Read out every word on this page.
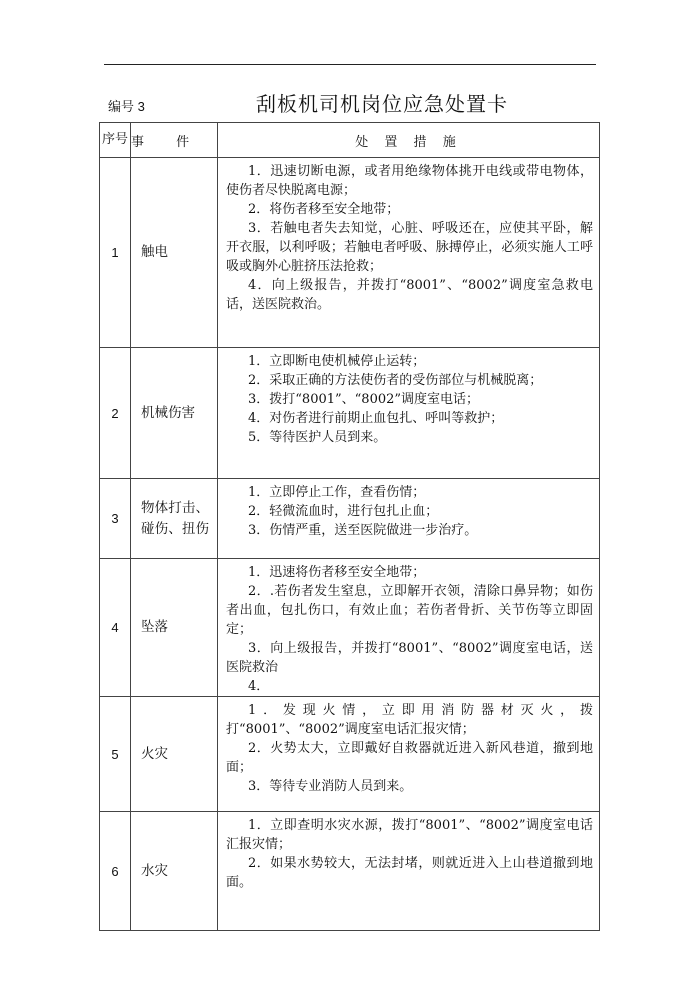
编号 3	刮板机司机岗位应急处置卡
序号	事 件	处 置 措 施
1	触电	1．迅速切断电源，或者用绝缘物体挑开电线或带电物体，使伤者尽快脱离电源；
2．将伤者移至安全地带；
3．若触电者失去知觉，心脏、呼吸还在，应使其平卧，解开衣服，以利呼吸；若触电者呼吸、脉搏停止，必须实施人工呼吸或胸外心脏挤压法抢救；
4．向上级报告，并拨打“8001”、“8002”调度室急救电话，送医院救治。

2	机械伤害	1．立即断电使机械停止运转；
2．采取正确的方法使伤者的受伤部位与机械脱离；
3．拨打“8001”、“8002”调度室电话；
4．对伤者进行前期止血包扎、呼叫等救护；
5．等待医护人员到来。

3	物体打击、碰伤、扭伤	1．立即停止工作，查看伤情；
2．轻微流血时，进行包扎止血；
3．伤情严重，送至医院做进一步治疗。

4	坠落	1．迅速将伤者移至安全地带；
2．.若伤者发生窒息，立即解开衣领，清除口鼻异物；如伤者出血，包扎伤口，有效止血；若伤者骨折、关节伤等立即固定；
3．向上级报告，并拨打“8001”、“8002”调度室电话，送医院救治
4．

5	火灾	1．发现火情，立即用消防器材灭火，拨打“8001”、“8002”调度室电话汇报灾情；
2．火势太大，立即戴好自救器就近进入新风巷道，撤到地面；
3．等待专业消防人员到来。

6	水灾	1．立即查明水灾水源，拨打“8001”、“8002”调度室电话汇报灾情；
2．如果水势较大，无法封堵，则就近进入上山巷道撤到地面。
